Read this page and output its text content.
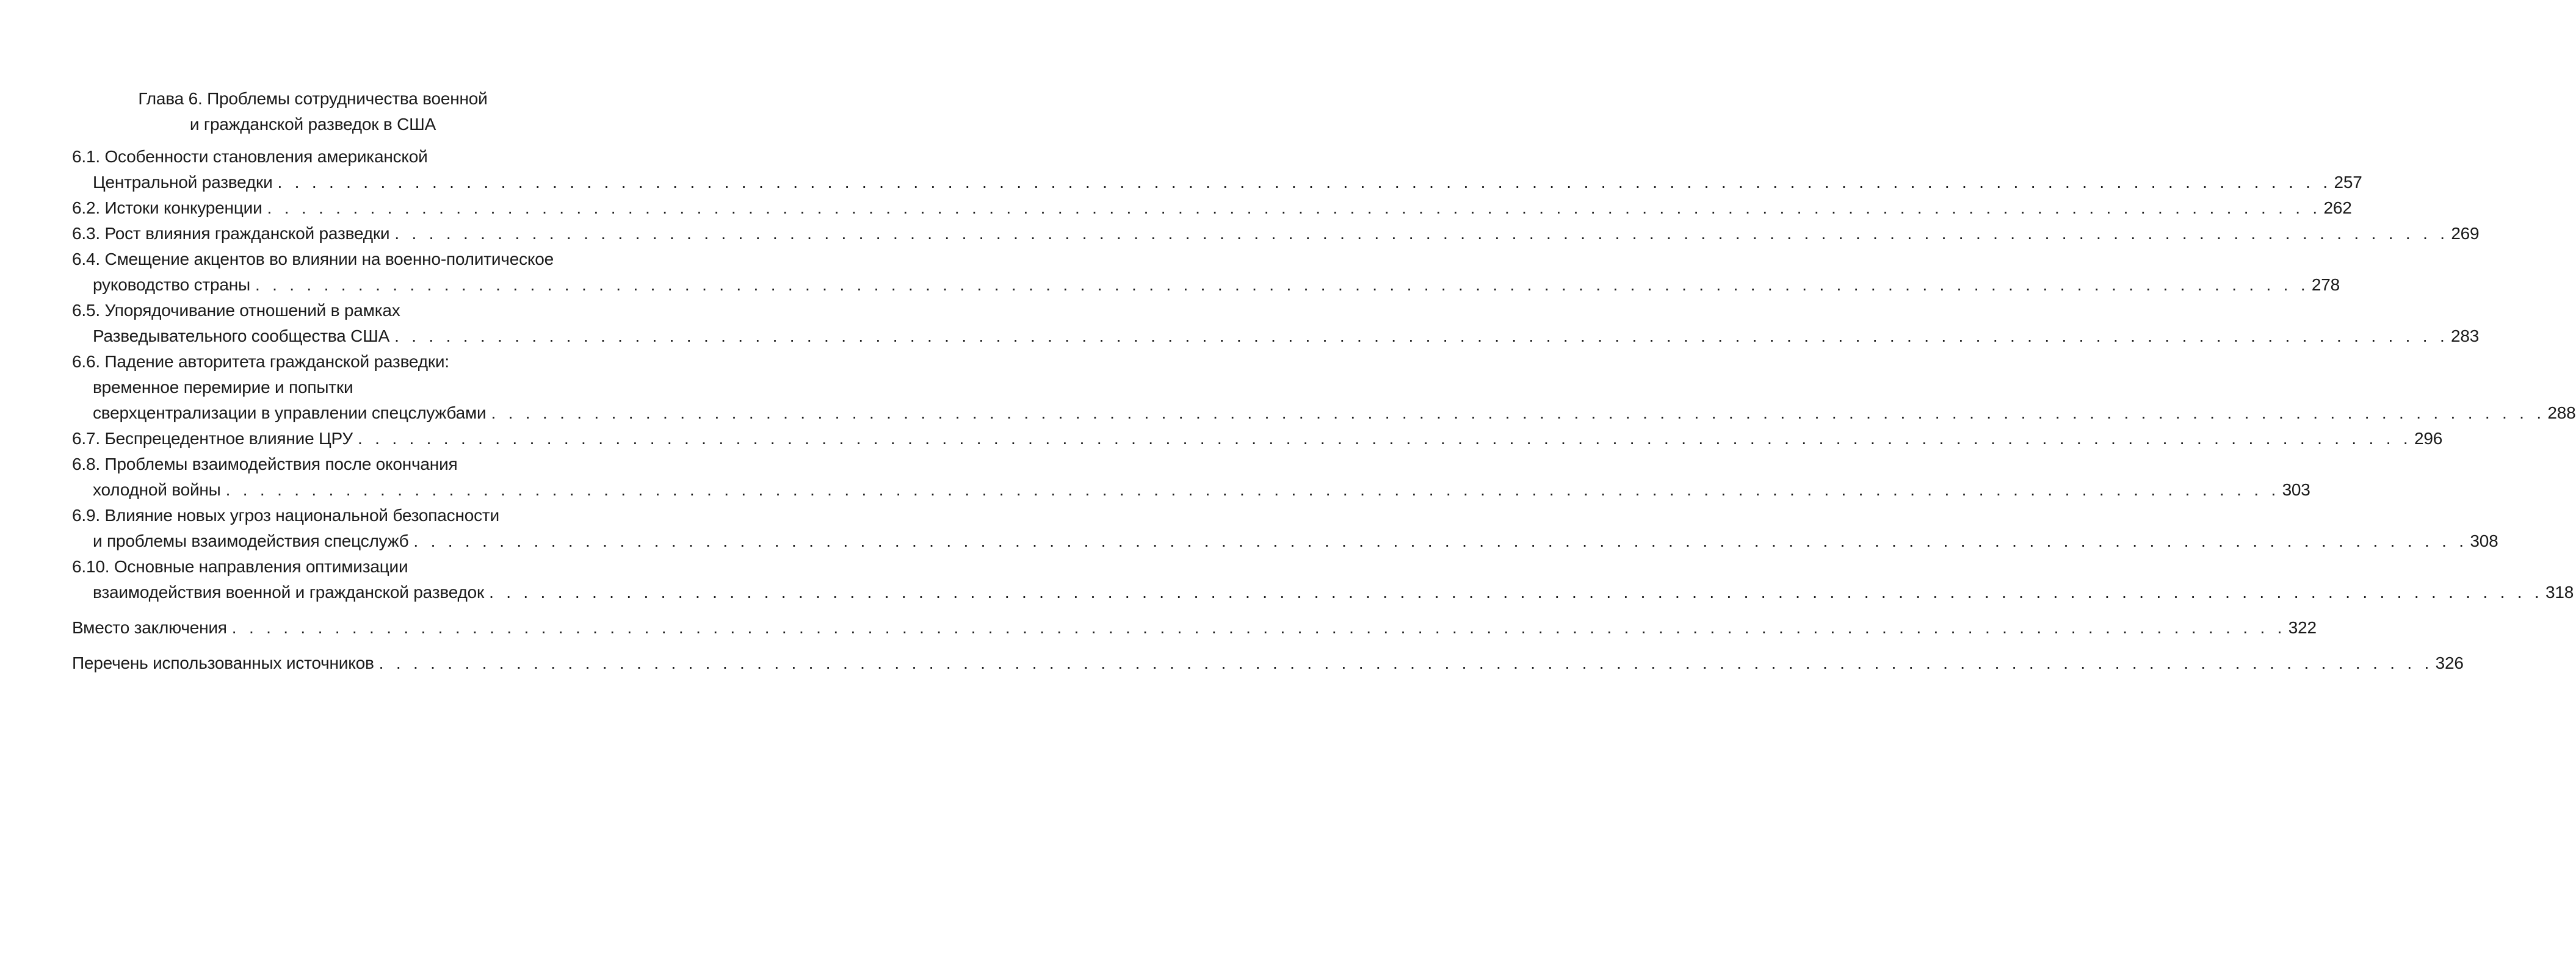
Глава 6. Проблемы сотрудничества военной
и гражданской разведок в США
6.1. Особенности становления американской
Центральной разведки . . . . . . . . . . . . . . . . . . . . . . . . . . . . . . . . . . . . . . . . . . . . . . . . . . . . . . . . . . . . . . . . . . . . . . . . . . . . . . . . . . . . . . . . . . . . . . . . . . . . . . . . . . . . . . . . . . . . . . . . 257
6.2. Истоки конкуренции . . . . . . . . . . . . . . . . . . . . . . . . . . . . . . . . . . . . . . . . . . . . . . . . . . . . . . . . . . . . . . . . . . . . . . . . . . . . . . . . . . . . . . . . . . . . . . . . . . . . . . . . . . . . . . . . . . . . . . . . 262
6.3. Рост влияния гражданской разведки . . . . . . . . . . . . . . . . . . . . . . . . . . . . . . . . . . . . . . . . . . . . . . . . . . . . . . . . . . . . . . . . . . . . . . . . . . . . . . . . . . . . . . . . . . . . . . . . . . . . . . . . . . . . . . . . . . . . . . . . 269
6.4. Смещение акцентов во влиянии на военно-политическое
руководство страны . . . . . . . . . . . . . . . . . . . . . . . . . . . . . . . . . . . . . . . . . . . . . . . . . . . . . . . . . . . . . . . . . . . . . . . . . . . . . . . . . . . . . . . . . . . . . . . . . . . . . . . . . . . . . . . . . . . . . . . . 278
6.5. Упорядочивание отношений в рамках
Разведывательного сообщества США . . . . . . . . . . . . . . . . . . . . . . . . . . . . . . . . . . . . . . . . . . . . . . . . . . . . . . . . . . . . . . . . . . . . . . . . . . . . . . . . . . . . . . . . . . . . . . . . . . . . . . . . . . . . . . . . . . . . . . . . 283
6.6. Падение авторитета гражданской разведки:
временное перемирие и попытки
сверхцентрализации в управлении спецслужбами . . . . . . . . . . . . . . . . . . . . . . . . . . . . . . . . . . . . . . . . . . . . . . . . . . . . . . . . . . . . . . . . . . . . . . . . . . . . . . . . . . . . . . . . . . . . . . . . . . . . . . . . . . . . . . . . . . . . . . . . 288
6.7. Беспрецедентное влияние ЦРУ . . . . . . . . . . . . . . . . . . . . . . . . . . . . . . . . . . . . . . . . . . . . . . . . . . . . . . . . . . . . . . . . . . . . . . . . . . . . . . . . . . . . . . . . . . . . . . . . . . . . . . . . . . . . . . . . . . . . . . . . 296
6.8. Проблемы взаимодействия после окончания
холодной войны . . . . . . . . . . . . . . . . . . . . . . . . . . . . . . . . . . . . . . . . . . . . . . . . . . . . . . . . . . . . . . . . . . . . . . . . . . . . . . . . . . . . . . . . . . . . . . . . . . . . . . . . . . . . . . . . . . . . . . . . 303
6.9. Влияние новых угроз национальной безопасности
и проблемы взаимодействия спецслужб . . . . . . . . . . . . . . . . . . . . . . . . . . . . . . . . . . . . . . . . . . . . . . . . . . . . . . . . . . . . . . . . . . . . . . . . . . . . . . . . . . . . . . . . . . . . . . . . . . . . . . . . . . . . . . . . . . . . . . . . 308
6.10. Основные направления оптимизации
взаимодействия военной и гражданской разведок . . . . . . . . . . . . . . . . . . . . . . . . . . . . . . . . . . . . . . . . . . . . . . . . . . . . . . . . . . . . . . . . . . . . . . . . . . . . . . . . . . . . . . . . . . . . . . . . . . . . . . . . . . . . . . . . . . . . . . . . 318
Вместо заключения . . . . . . . . . . . . . . . . . . . . . . . . . . . . . . . . . . . . . . . . . . . . . . . . . . . . . . . . . . . . . . . . . . . . . . . . . . . . . . . . . . . . . . . . . . . . . . . . . . . . . . . . . . . . . . . . . . . . . . . . 322
Перечень использованных источников . . . . . . . . . . . . . . . . . . . . . . . . . . . . . . . . . . . . . . . . . . . . . . . . . . . . . . . . . . . . . . . . . . . . . . . . . . . . . . . . . . . . . . . . . . . . . . . . . . . . . . . . . . . . . . . . . . . . . . . . 326
